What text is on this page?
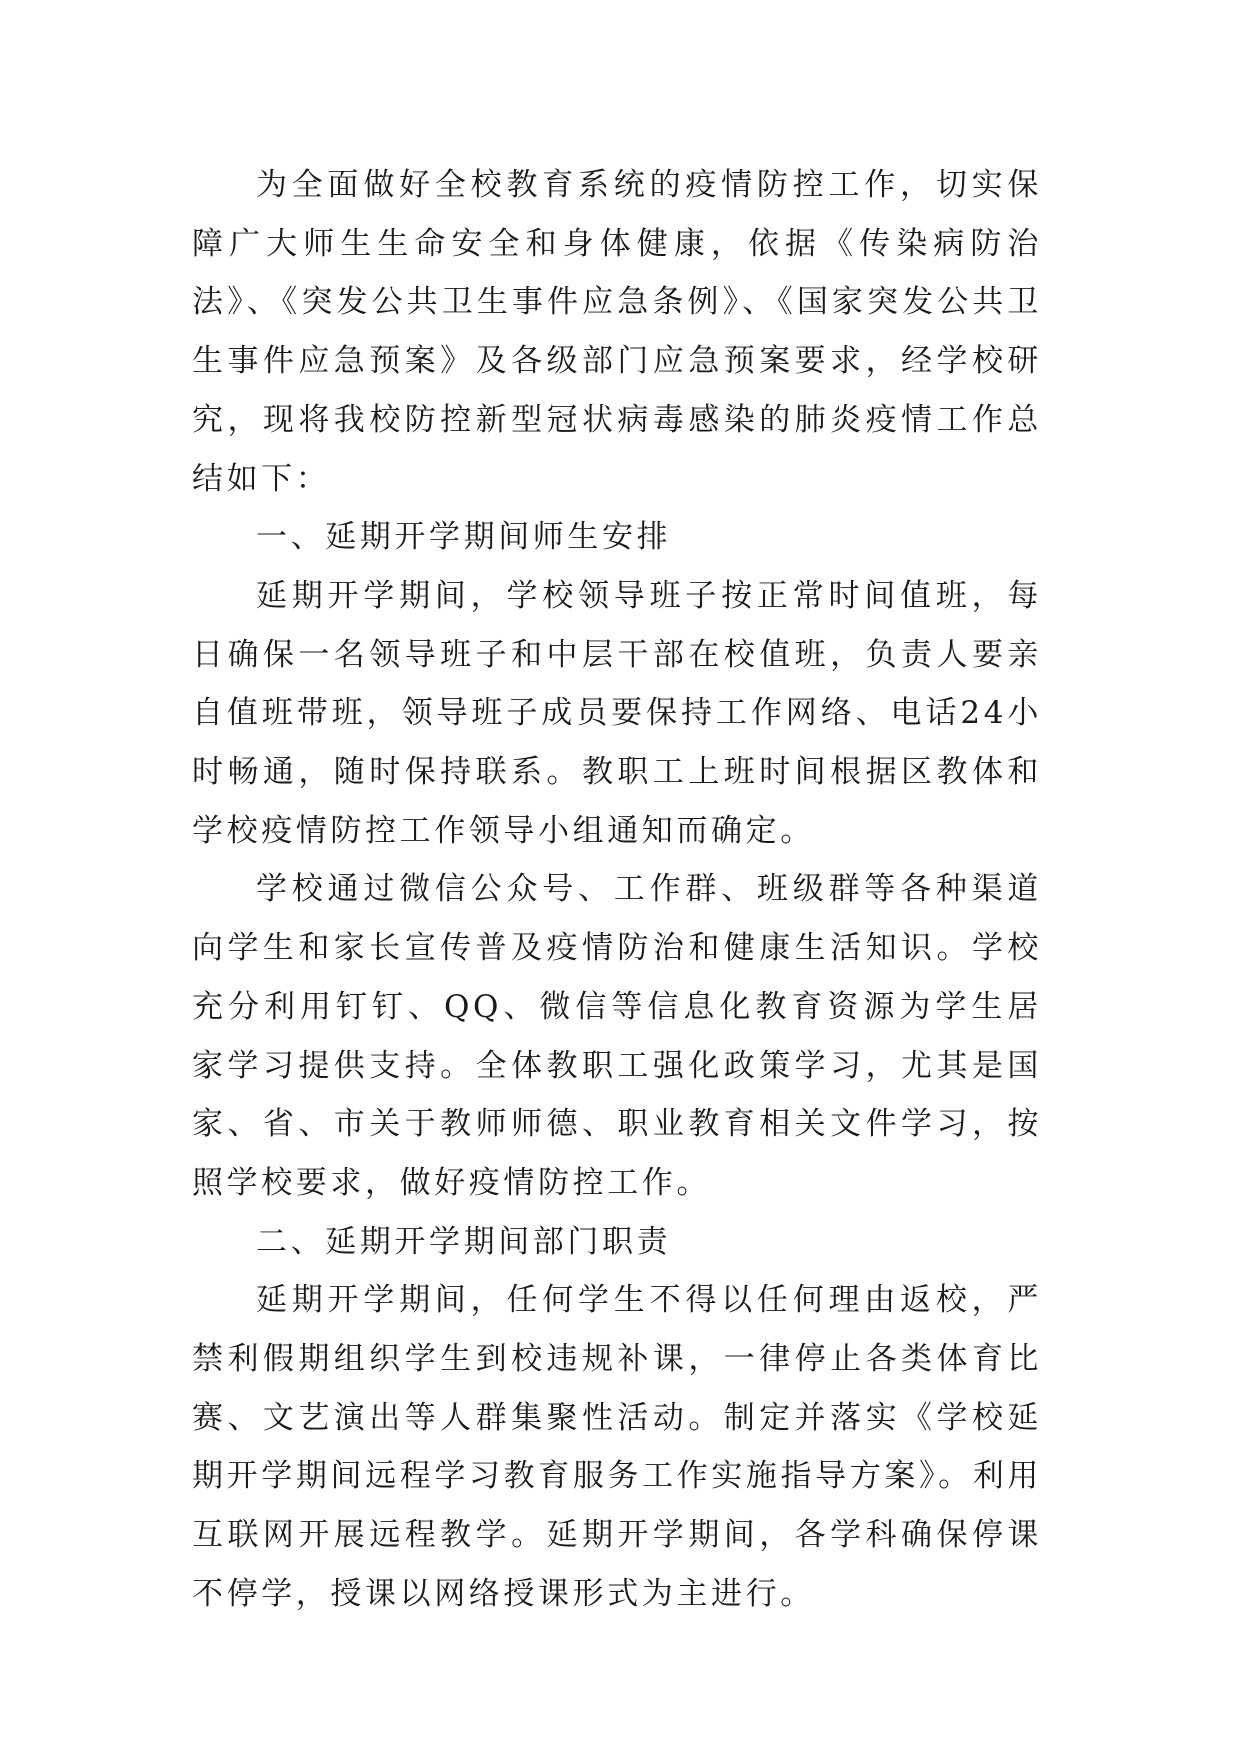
为全面做好全校教育系统的疫情防控工作，切实保障广大师生生命安全和身体健康，依据《传染病防治法》、《突发公共卫生事件应急条例》、《国家突发公共卫生事件应急预案》及各级部门应急预案要求，经学校研究，现将我校防控新型冠状病毒感染的肺炎疫情工作总结如下：

一、延期开学期间师生安排

延期开学期间，学校领导班子按正常时间值班，每日确保一名领导班子和中层干部在校值班，负责人要亲自值班带班，领导班子成员要保持工作网络、电话24小时畅通，随时保持联系。教职工上班时间根据区教体和学校疫情防控工作领导小组通知而确定。

学校通过微信公众号、工作群、班级群等各种渠道向学生和家长宣传普及疫情防治和健康生活知识。学校充分利用钉钉、QQ、微信等信息化教育资源为学生居家学习提供支持。全体教职工强化政策学习，尤其是国家、省、市关于教师师德、职业教育相关文件学习，按照学校要求，做好疫情防控工作。

二、延期开学期间部门职责

延期开学期间，任何学生不得以任何理由返校，严禁利假期组织学生到校违规补课，一律停止各类体育比赛、文艺演出等人群集聚性活动。制定并落实《学校延期开学期间远程学习教育服务工作实施指导方案》。利用互联网开展远程教学。延期开学期间，各学科确保停课不停学，授课以网络授课形式为主进行。
